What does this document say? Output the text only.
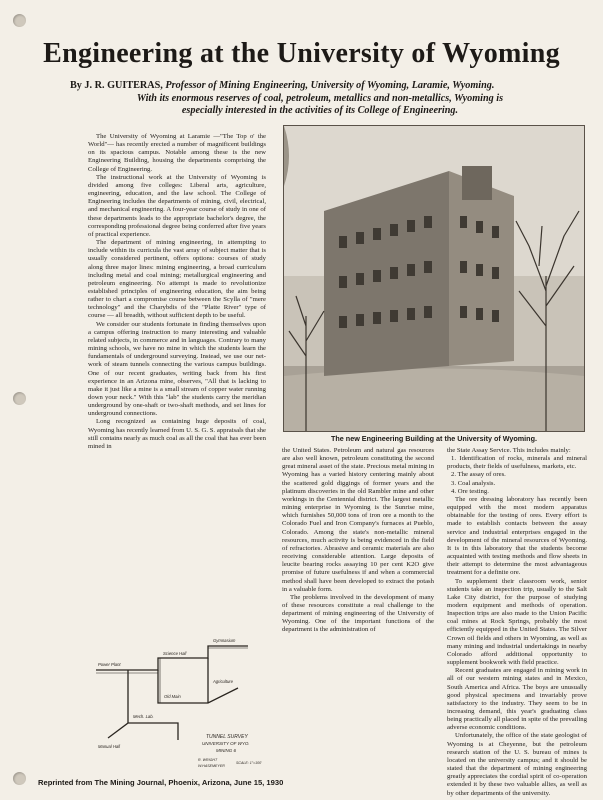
Engineering at the University of Wyoming
By J. R. GUITERAS, Professor of Mining Engineering, University of Wyoming, Laramie, Wyoming.
With its enormous reserves of coal, petroleum, metallics and non-metallics, Wyoming is
especially interested in the activities of its College of Engineering.

The University of Wyoming at Laramie —"The Top o' the World"— has recently erected a number of magnificent buildings on its spacious campus. Notable among these is the new Engineering Building, housing the departments comprising the College of Engineering.

The instructional work at the University of Wyoming is divided among five colleges: Liberal arts, agriculture, engineering, education, and the law school. The College of Engineering includes the departments of mining, civil, electrical, and mechanical engineering. A four-year course of study in one of these departments leads to the appropriate bachelor's degree, the corresponding professional degree being conferred after five years of practical experience.

The department of mining engineering, in attempting to include within its curricula the vast array of subject matter that is usually considered pertinent, offers options: courses of study along three major lines: mining engineering, a broad curriculum including metal and coal mining; metallurgical engineering and petroleum engineering. No attempt is made to revolutionize established principles of engineering education, the aim being rather to chart a compromise course between the Scylla of "mere technology" and the Charybdis of the "Platte River" type of course — all breadth, without sufficient depth to be useful.

We consider our students fortunate in finding themselves upon a campus offering instruction to many interesting and valuable related subjects, in commerce and in languages. Contrary to many mining schools, we have no mine in which the students learn the fundamentals of underground surveying. Instead, we use our net-work of steam tunnels connecting the various campus buildings. One of our recent graduates, writing back from his first experience in an Arizona mine, observes, "All that is lacking to make it just like a mine is a small stream of copper water running down your neck." With this "lab" the students carry the meridian underground by one-shaft or two-shaft methods, and set lines for underground connections.

Long recognized as containing huge deposits of coal, Wyoming has recently learned from U. S. G. S. appraisals that she still contains nearly as much coal as all the coal that has ever been mined in

The new Engineering Building at the University of Wyoming.

the United States. Petroleum and natural gas resources are also well known, petroleum constituting the second great mineral asset of the state. Precious metal mining in Wyoming has a varied history centering mainly about the scattered gold diggings of former years and the platinum discoveries in the old Rambler mine and other workings in the Centennial district. The largest metallic mining enterprise in Wyoming is the Sunrise mine, which furnishes 50,000 tons of iron ore a month to the Colorado Fuel and Iron Company's furnaces at Pueblo, Colorado. Among the state's non-metallic mineral resources, much activity is being evidenced in the field of refractories. Abrasive and ceramic materials are also receiving considerable attention. Large deposits of leucite bearing rocks assaying 10 per cent K2O give promise of future usefulness if and when a commercial method shall have been developed to extract the potash in a valuable form.

The problems involved in the development of many of these resources constitute a real challenge to the department of mining engineering of the University of Wyoming. One of the important functions of the department is the administration of

the State Assay Service. This includes mainly:

1. Identification of rocks, minerals and mineral products, their fields of usefulness, markets, etc.
2. The assay of ores.
3. Coal analysis.
4. Ore testing.

The ore dressing laboratory has recently been equipped with the most modern apparatus obtainable for the testing of ores. Every effort is made to establish contacts between the assay service and industrial enterprises engaged in the development of the mineral resources of Wyoming. It is in this laboratory that the students become acquainted with testing methods and flow sheets in their attempt to determine the most advantageous treatment for a definite ore.

To supplement their classroom work, senior students take an inspection trip, usually to the Salt Lake City district, for the purpose of studying modern equipment and methods of operation. Inspection trips are also made to the Union Pacific coal mines at Rock Springs, probably the most efficiently equipped in the United States. The Silver Crown oil fields and others in Wyoming, as well as many mining and industrial undertakings in nearby Colorado afford additional opportunity to supplement bookwork with field practice.

Recent graduates are engaged in mining work in all of our western mining states and in Mexico, South America and Africa. The boys are unusually good physical specimens and invariably prove satisfactory to the industry. They seem to be in increasing demand, this year's graduating class being practically all placed in spite of the prevailing adverse economic conditions.

Unfortunately, the office of the state geologist of Wyoming is at Cheyenne, but the petroleum research station of the U. S. bureau of mines is located on the university campus; and it should be stated that the department of mining engineering greatly appreciates the cordial spirit of co-operation extended it by these two valuable allies, as well as by other departments of the university.

Power Plant
Gymnasium
Science Hall
Old Main
Agriculture
Mech. Lab.
Manual Hall
TUNNEL SURVEY
UNIVERSITY OF WYO.
MINING 6
R. WRIGHT
W.HASEMEYER
SCALE: 1"=100'
Reprinted from The Mining Journal, Phoenix, Arizona, June 15, 1930
